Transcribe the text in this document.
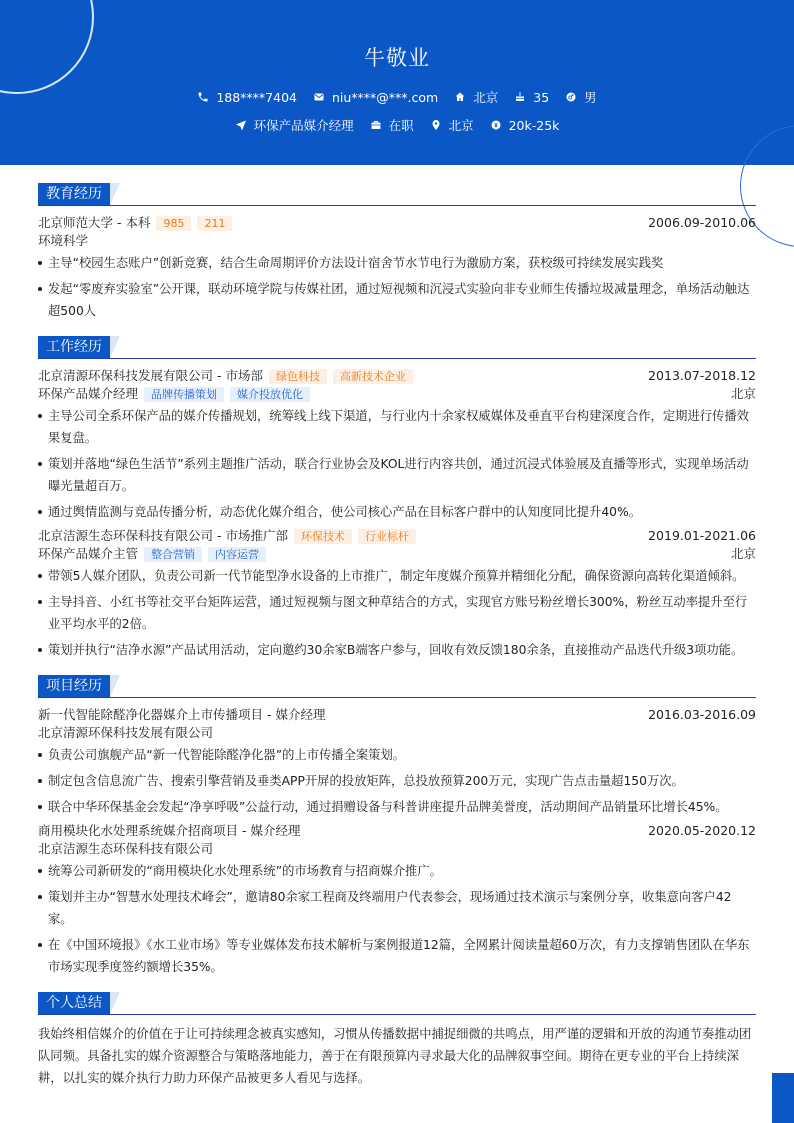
牛敬业
188****7404	niu****@***.com	北京	35	男
环保产品媒介经理	在职	北京	20k-25k
教育经历
北京师范大学 - 本科	985	211	2006.09-2010.06
环境科学
主导“校园生态账户”创新竞赛，结合生命周期评价方法设计宿舍节水节电行为激励方案，获校级可持续发展实践奖
发起“零废弃实验室”公开课，联动环境学院与传媒社团，通过短视频和沉浸式实验向非专业师生传播垃圾减量理念，单场活动触达超500人
工作经历
北京清源环保科技发展有限公司 - 市场部	绿色科技	高新技术企业	2013.07-2018.12
环保产品媒介经理	品牌传播策划	媒介投放优化	北京
主导公司全系环保产品的媒介传播规划，统筹线上线下渠道，与行业内十余家权威媒体及垂直平台构建深度合作，定期进行传播效果复盘。
策划并落地“绿色生活节”系列主题推广活动，联合行业协会及KOL进行内容共创，通过沉浸式体验展及直播等形式，实现单场活动曝光量超百万。
通过舆情监测与竞品传播分析，动态优化媒介组合，使公司核心产品在目标客户群中的认知度同比提升40%。
北京洁源生态环保科技有限公司 - 市场推广部	环保技术	行业标杆	2019.01-2021.06
环保产品媒介主管	整合营销	内容运营	北京
带领5人媒介团队，负责公司新一代节能型净水设备的上市推广，制定年度媒介预算并精细化分配，确保资源向高转化渠道倾斜。
主导抖音、小红书等社交平台矩阵运营，通过短视频与图文种草结合的方式，实现官方账号粉丝增长300%，粉丝互动率提升至行业平均水平的2倍。
策划并执行“洁净水源”产品试用活动，定向邀约30余家B端客户参与，回收有效反馈180余条，直接推动产品迭代升级3项功能。
项目经历
新一代智能除醛净化器媒介上市传播项目 - 媒介经理	2016.03-2016.09
北京清源环保科技发展有限公司
负责公司旗舰产品“新一代智能除醛净化器”的上市传播全案策划。
制定包含信息流广告、搜索引擎营销及垂类APP开屏的投放矩阵，总投放预算200万元，实现广告点击量超150万次。
联合中华环保基金会发起“净享呼吸”公益行动，通过捐赠设备与科普讲座提升品牌美誉度，活动期间产品销量环比增长45%。
商用模块化水处理系统媒介招商项目 - 媒介经理	2020.05-2020.12
北京洁源生态环保科技有限公司
统筹公司新研发的“商用模块化水处理系统”的市场教育与招商媒介推广。
策划并主办“智慧水处理技术峰会”，邀请80余家工程商及终端用户代表参会，现场通过技术演示与案例分享，收集意向客户42家。
在《中国环境报》《水工业市场》等专业媒体发布技术解析与案例报道12篇，全网累计阅读量超60万次，有力支撑销售团队在华东市场实现季度签约额增长35%。
个人总结
我始终相信媒介的价值在于让可持续理念被真实感知，习惯从传播数据中捕捉细微的共鸣点，用严谨的逻辑和开放的沟通节奏推动团队同频。具备扎实的媒介资源整合与策略落地能力，善于在有限预算内寻求最大化的品牌叙事空间。期待在更专业的平台上持续深耕，以扎实的媒介执行力助力环保产品被更多人看见与选择。
